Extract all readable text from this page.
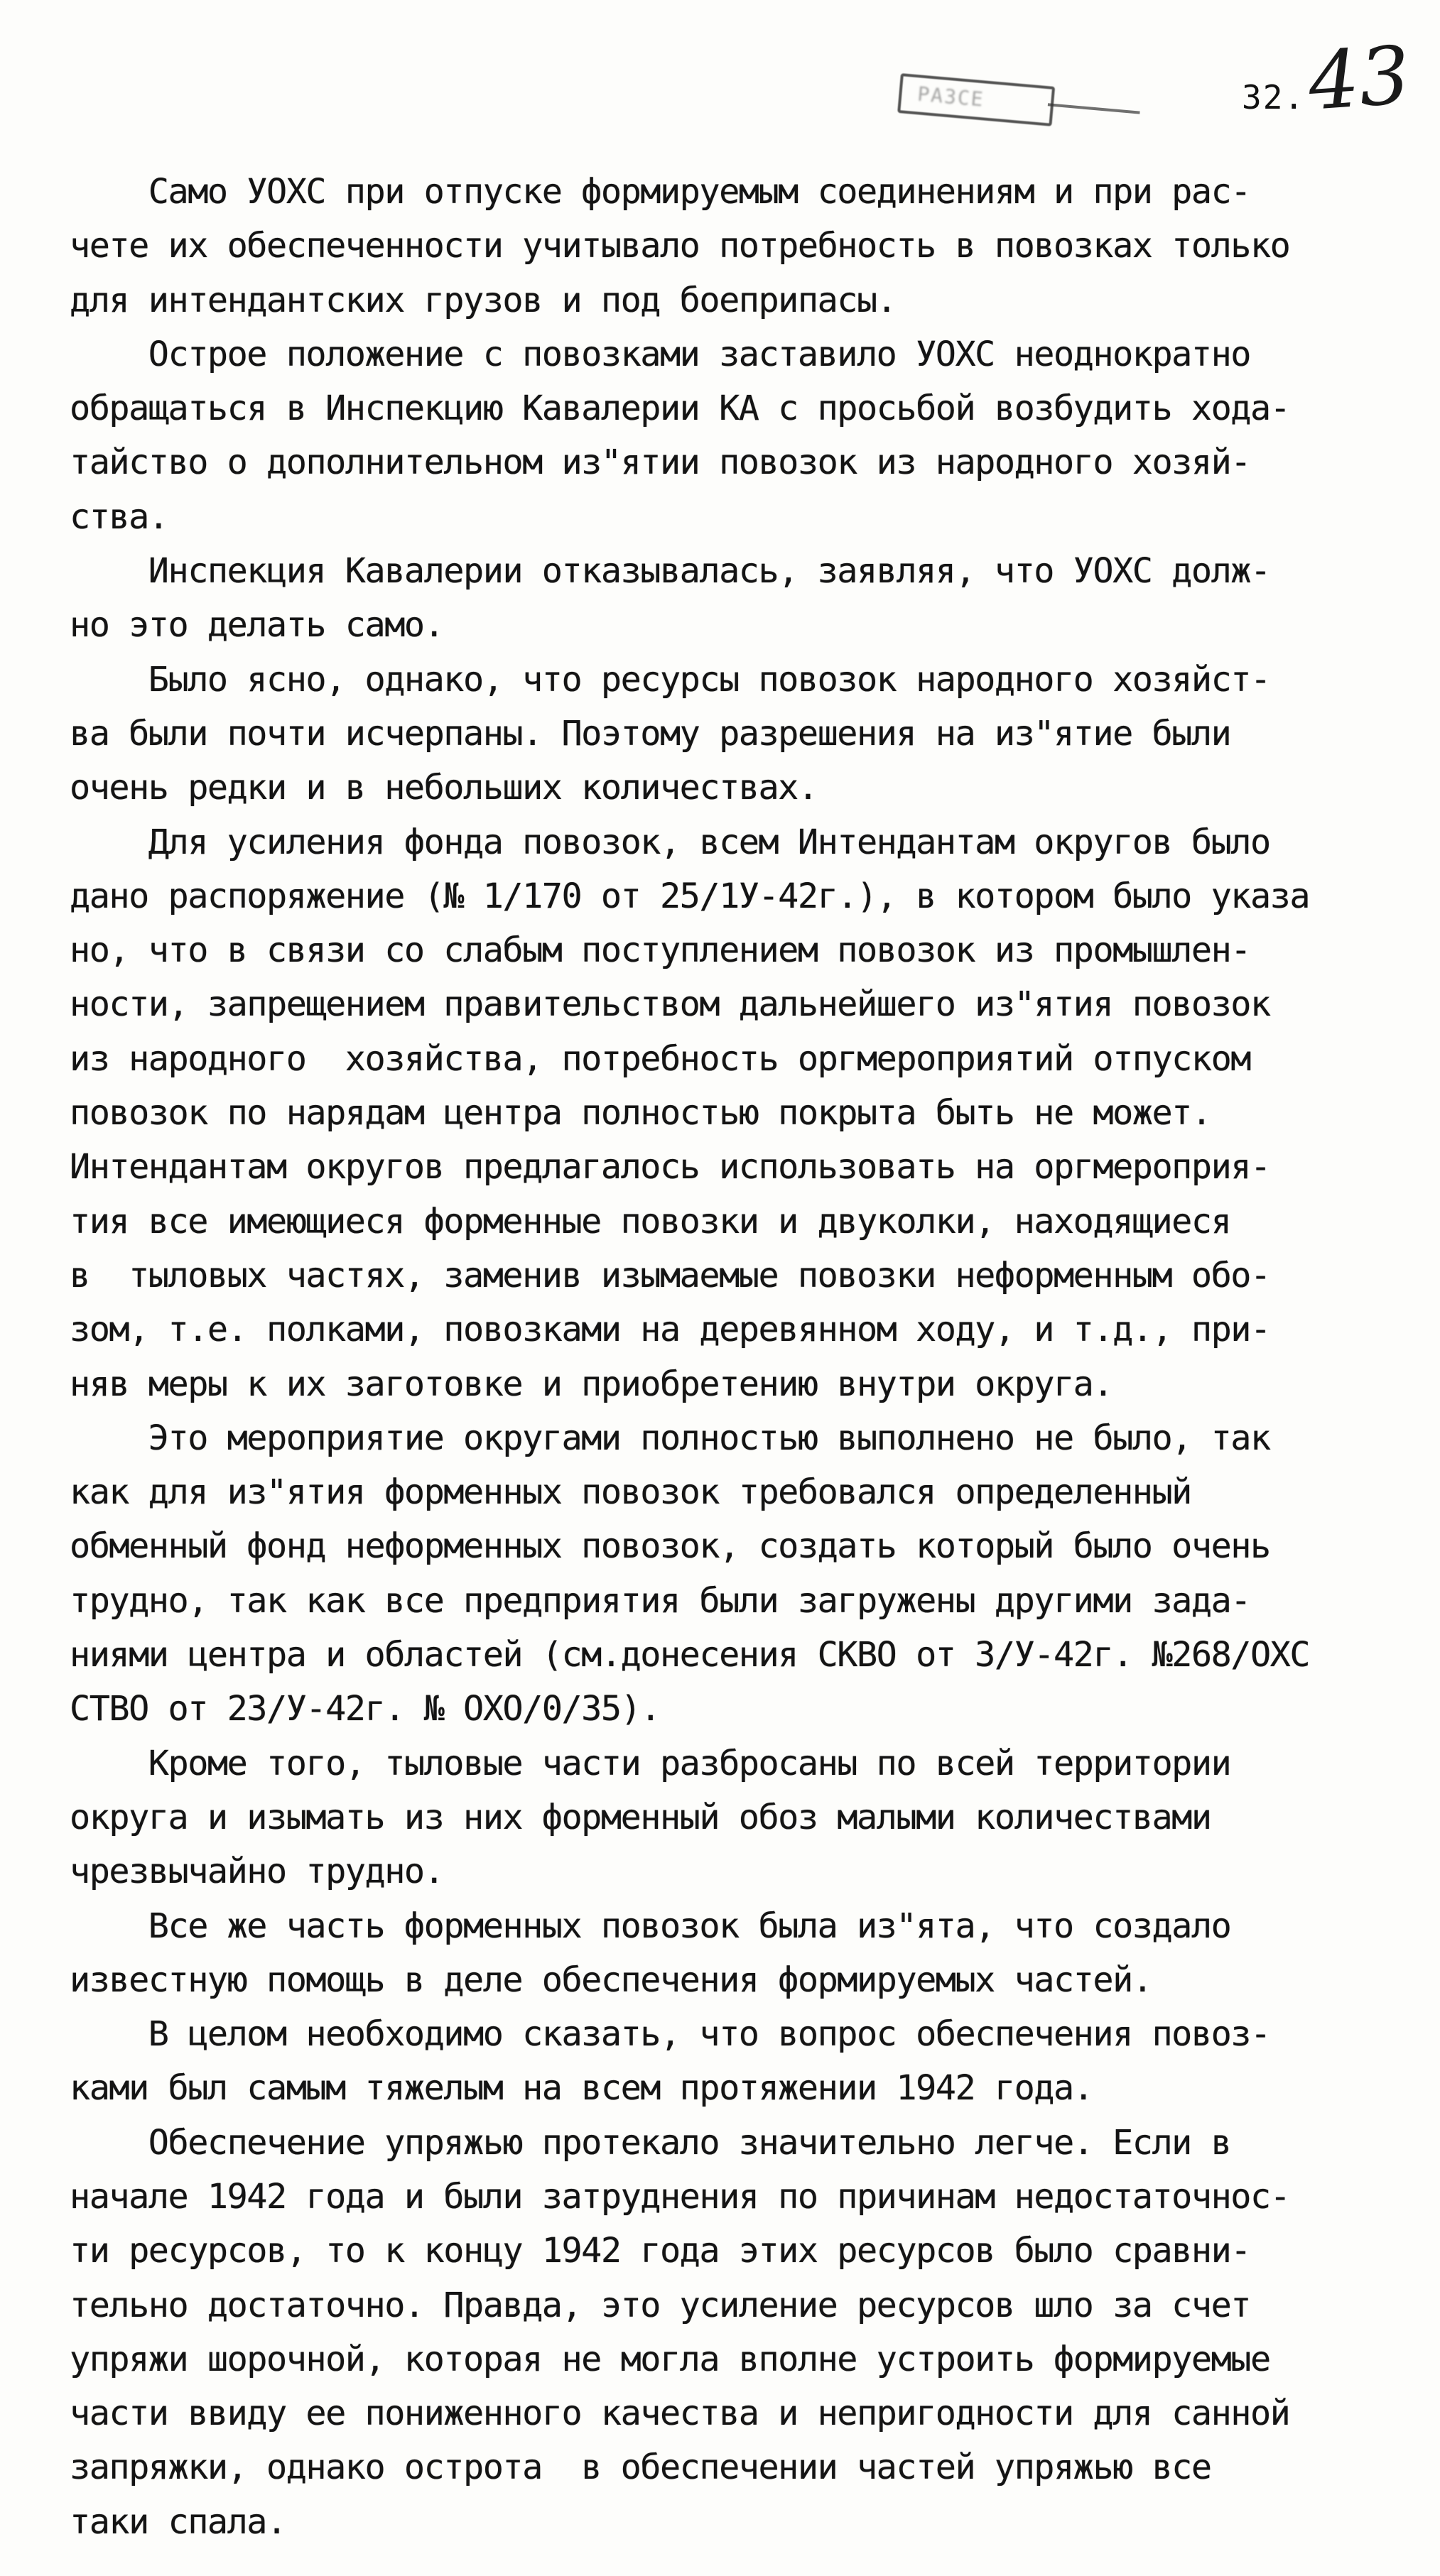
РАЗСЕ	32. 43
Само УОХС при отпуске формируемым соединениям и при рас-
чете их обеспеченности учитывало потребность в повозках только
для интендантских грузов и под боеприпасы.
Острое положение с повозками заставило УОХС неоднократно
обращаться в Инспекцию Кавалерии КА с просьбой возбудить хода-
тайство о дополнительном из"ятии повозок из народного хозяй-
ства.
Инспекция Кавалерии отказывалась, заявляя, что УОХС долж-
но это делать само.
Было ясно, однако, что ресурсы повозок народного хозяйст-
ва были почти исчерпаны. Поэтому разрешения на из"ятие были
очень редки и в небольших количествах.
Для усиления фонда повозок, всем Интендантам округов было
дано распоряжение (№ 1/170 от 25/1У-42г.), в котором было указа
но, что в связи со слабым поступлением повозок из промышлен-
ности, запрещением правительством дальнейшего из"ятия повозок
из народного  хозяйства, потребность оргмероприятий отпуском
повозок по нарядам центра полностью покрыта быть не может.
Интендантам округов предлагалось использовать на оргмероприя-
тия все имеющиеся форменные повозки и двуколки, находящиеся
в  тыловых частях, заменив изымаемые повозки неформенным обо-
зом, т.е. полками, повозками на деревянном ходу, и т.д., при-
няв меры к их заготовке и приобретению внутри округа.
Это мероприятие округами полностью выполнено не было, так
как для из"ятия форменных повозок требовался определенный
обменный фонд неформенных повозок, создать который было очень
трудно, так как все предприятия были загружены другими зада-
ниями центра и областей (см.донесения СКВО от 3/У-42г. №268/ОХС
СТВО от 23/У-42г. № ОХО/0/35).
Кроме того, тыловые части разбросаны по всей территории
округа и изымать из них форменный обоз малыми количествами
чрезвычайно трудно.
Все же часть форменных повозок была из"ята, что создало
известную помощь в деле обеспечения формируемых частей.
В целом необходимо сказать, что вопрос обеспечения повоз-
ками был самым тяжелым на всем протяжении 1942 года.
Обеспечение упряжью протекало значительно легче. Если в
начале 1942 года и были затруднения по причинам недостаточнос-
ти ресурсов, то к концу 1942 года этих ресурсов было сравни-
тельно достаточно. Правда, это усиление ресурсов шло за счет
упряжи шорочной, которая не могла вполне устроить формируемые
части ввиду ее пониженного качества и непригодности для санной
запряжки, однако острота  в обеспечении частей упряжью все
таки спала.
